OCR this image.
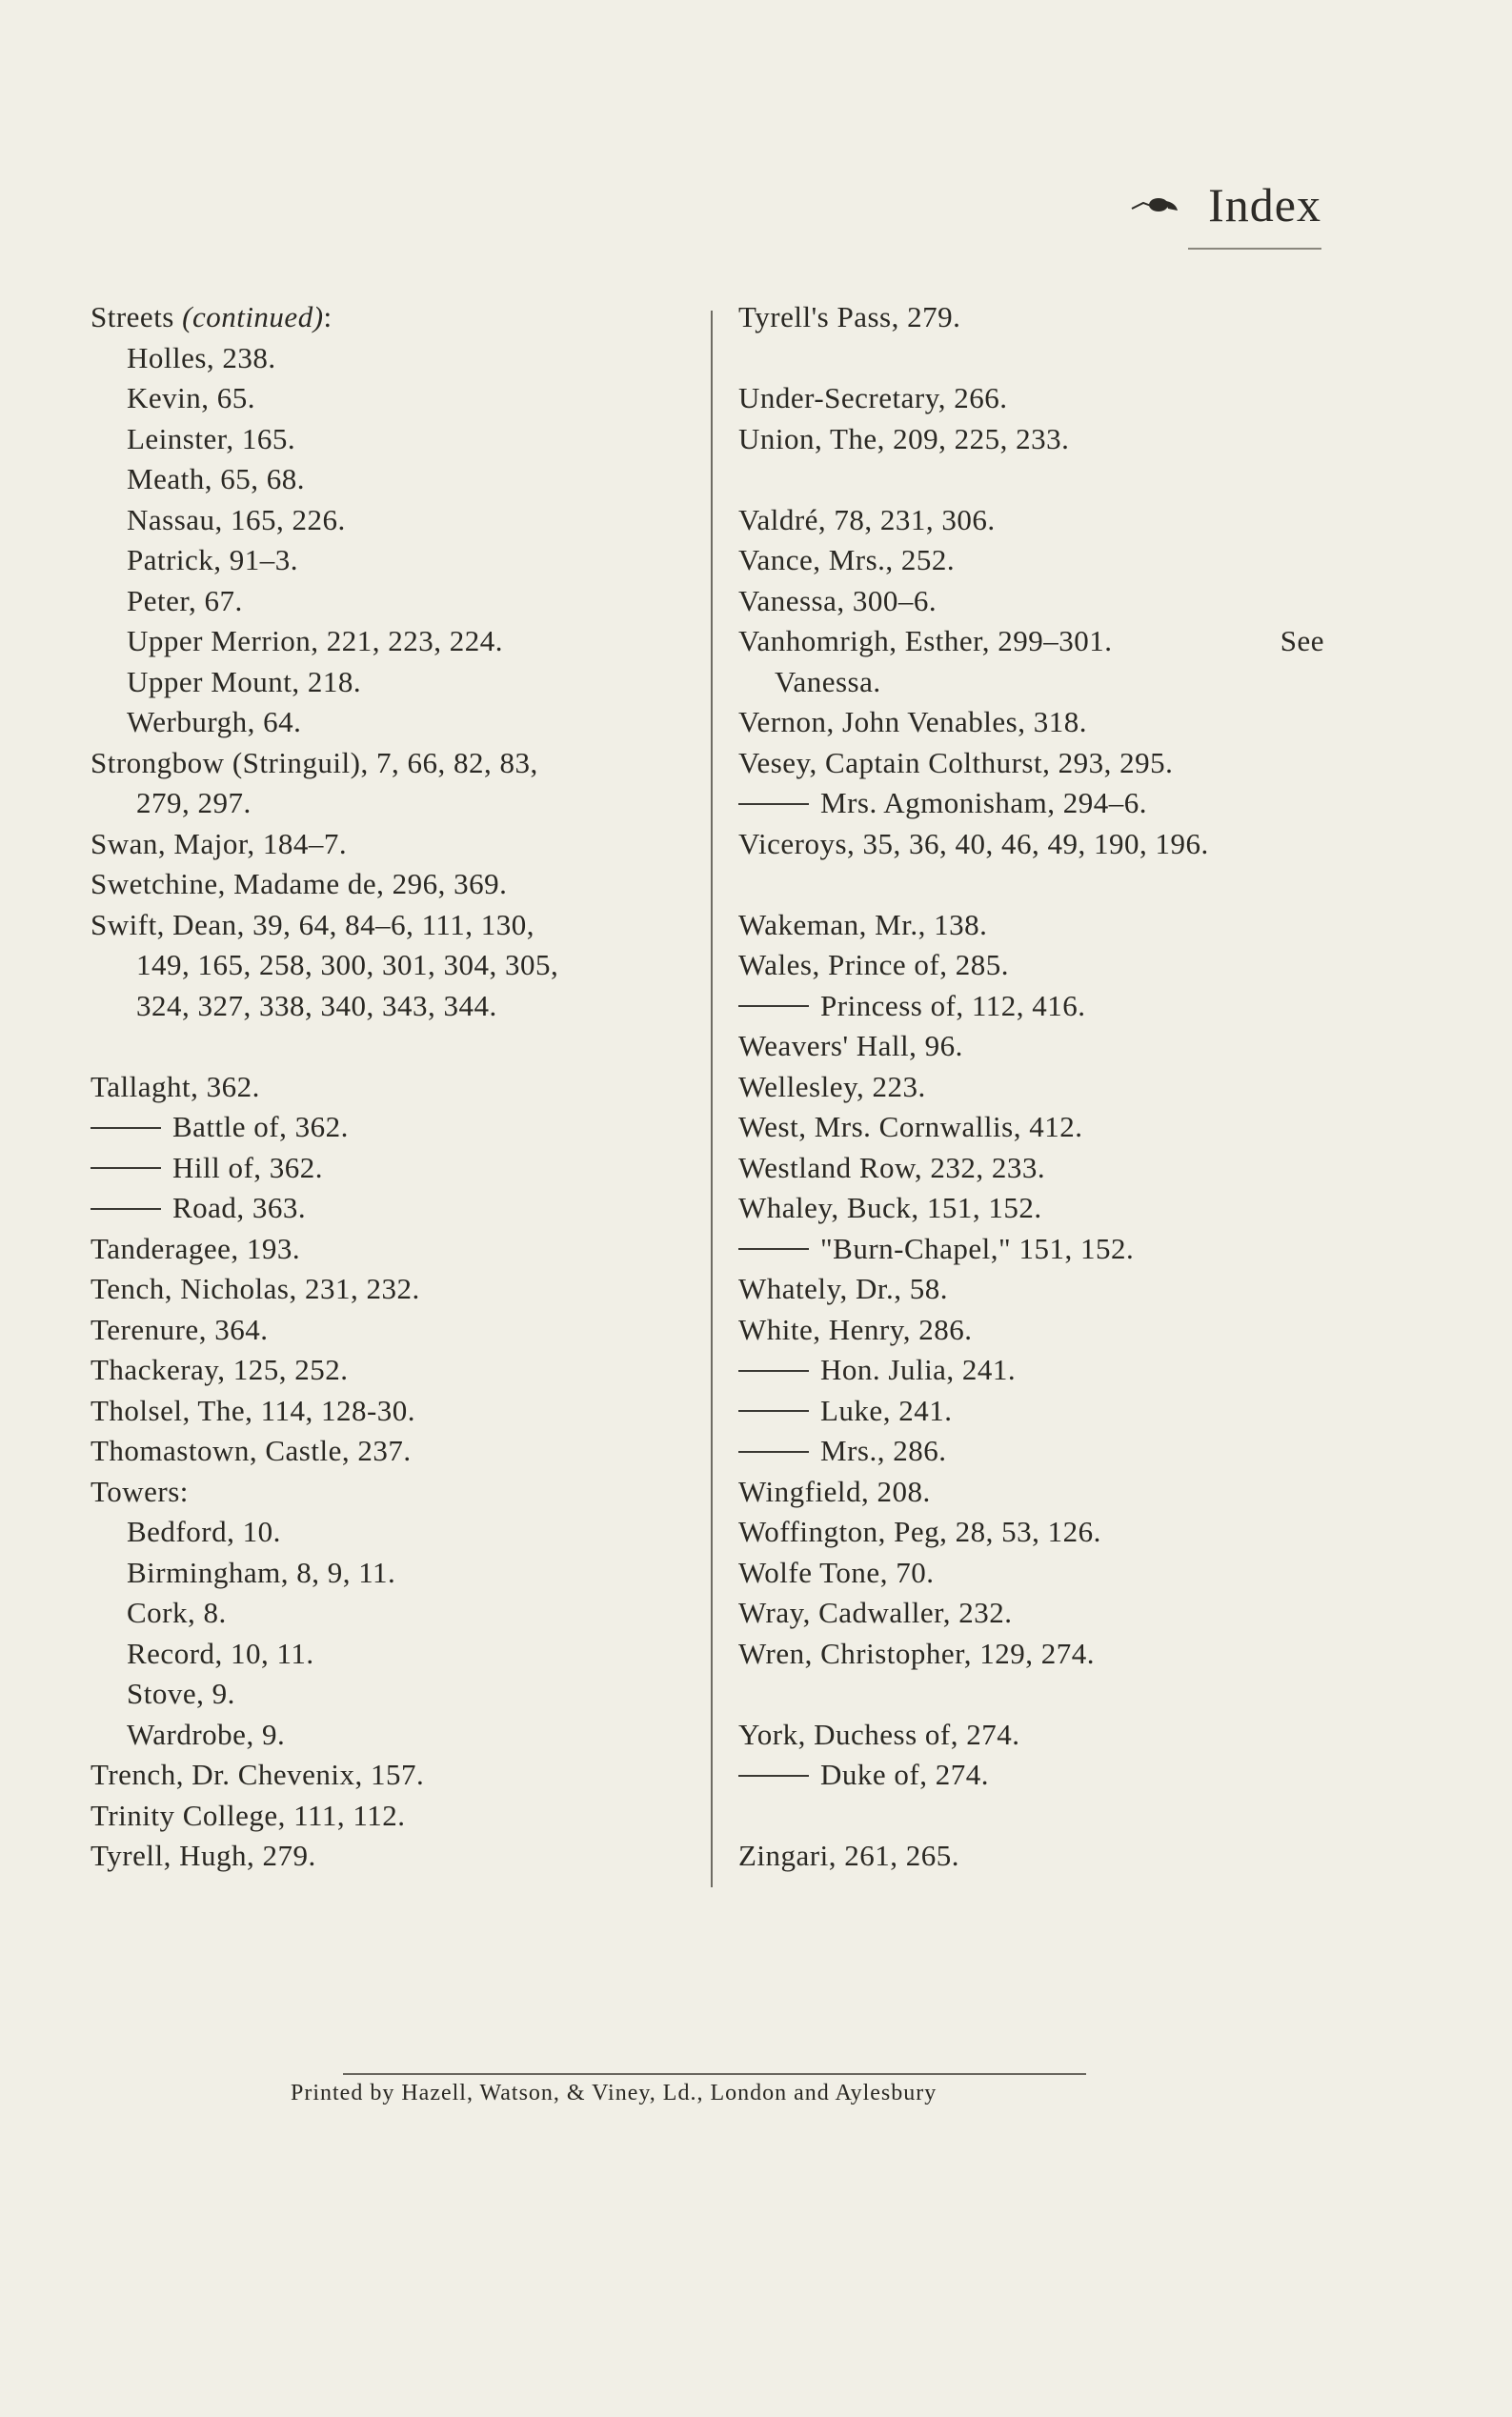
Index
Streets (continued):
Holles, 238.
Kevin, 65.
Leinster, 165.
Meath, 65, 68.
Nassau, 165, 226.
Patrick, 91–3.
Peter, 67.
Upper Merrion, 221, 223, 224.
Upper Mount, 218.
Werburgh, 64.
Strongbow (Stringuil), 7, 66, 82, 83,
279, 297.
Swan, Major, 184–7.
Swetchine, Madame de, 296, 369.
Swift, Dean, 39, 64, 84–6, 111, 130,
149, 165, 258, 300, 301, 304, 305,
324, 327, 338, 340, 343, 344.
Tallaght, 362.
Battle of, 362.
Hill of, 362.
Road, 363.
Tanderagee, 193.
Tench, Nicholas, 231, 232.
Terenure, 364.
Thackeray, 125, 252.
Tholsel, The, 114, 128-30.
Thomastown, Castle, 237.
Towers:
Bedford, 10.
Birmingham, 8, 9, 11.
Cork, 8.
Record, 10, 11.
Stove, 9.
Wardrobe, 9.
Trench, Dr. Chevenix, 157.
Trinity College, 111, 112.
Tyrell, Hugh, 279.
Tyrell's Pass, 279.
Under-Secretary, 266.
Union, The, 209, 225, 233.
Valdré, 78, 231, 306.
Vance, Mrs., 252.
Vanessa, 300–6.
Vanhomrigh, Esther, 299–301.	See
Vanessa.
Vernon, John Venables, 318.
Vesey, Captain Colthurst, 293, 295.
Mrs. Agmonisham, 294–6.
Viceroys, 35, 36, 40, 46, 49, 190, 196.
Wakeman, Mr., 138.
Wales, Prince of, 285.
Princess of, 112, 416.
Weavers' Hall, 96.
Wellesley, 223.
West, Mrs. Cornwallis, 412.
Westland Row, 232, 233.
Whaley, Buck, 151, 152.
"Burn-Chapel," 151, 152.
Whately, Dr., 58.
White, Henry, 286.
Hon. Julia, 241.
Luke, 241.
Mrs., 286.
Wingfield, 208.
Woffington, Peg, 28, 53, 126.
Wolfe Tone, 70.
Wray, Cadwaller, 232.
Wren, Christopher, 129, 274.
York, Duchess of, 274.
Duke of, 274.
Zingari, 261, 265.
Printed by Hazell, Watson, & Viney, Ld., London and Aylesbury
